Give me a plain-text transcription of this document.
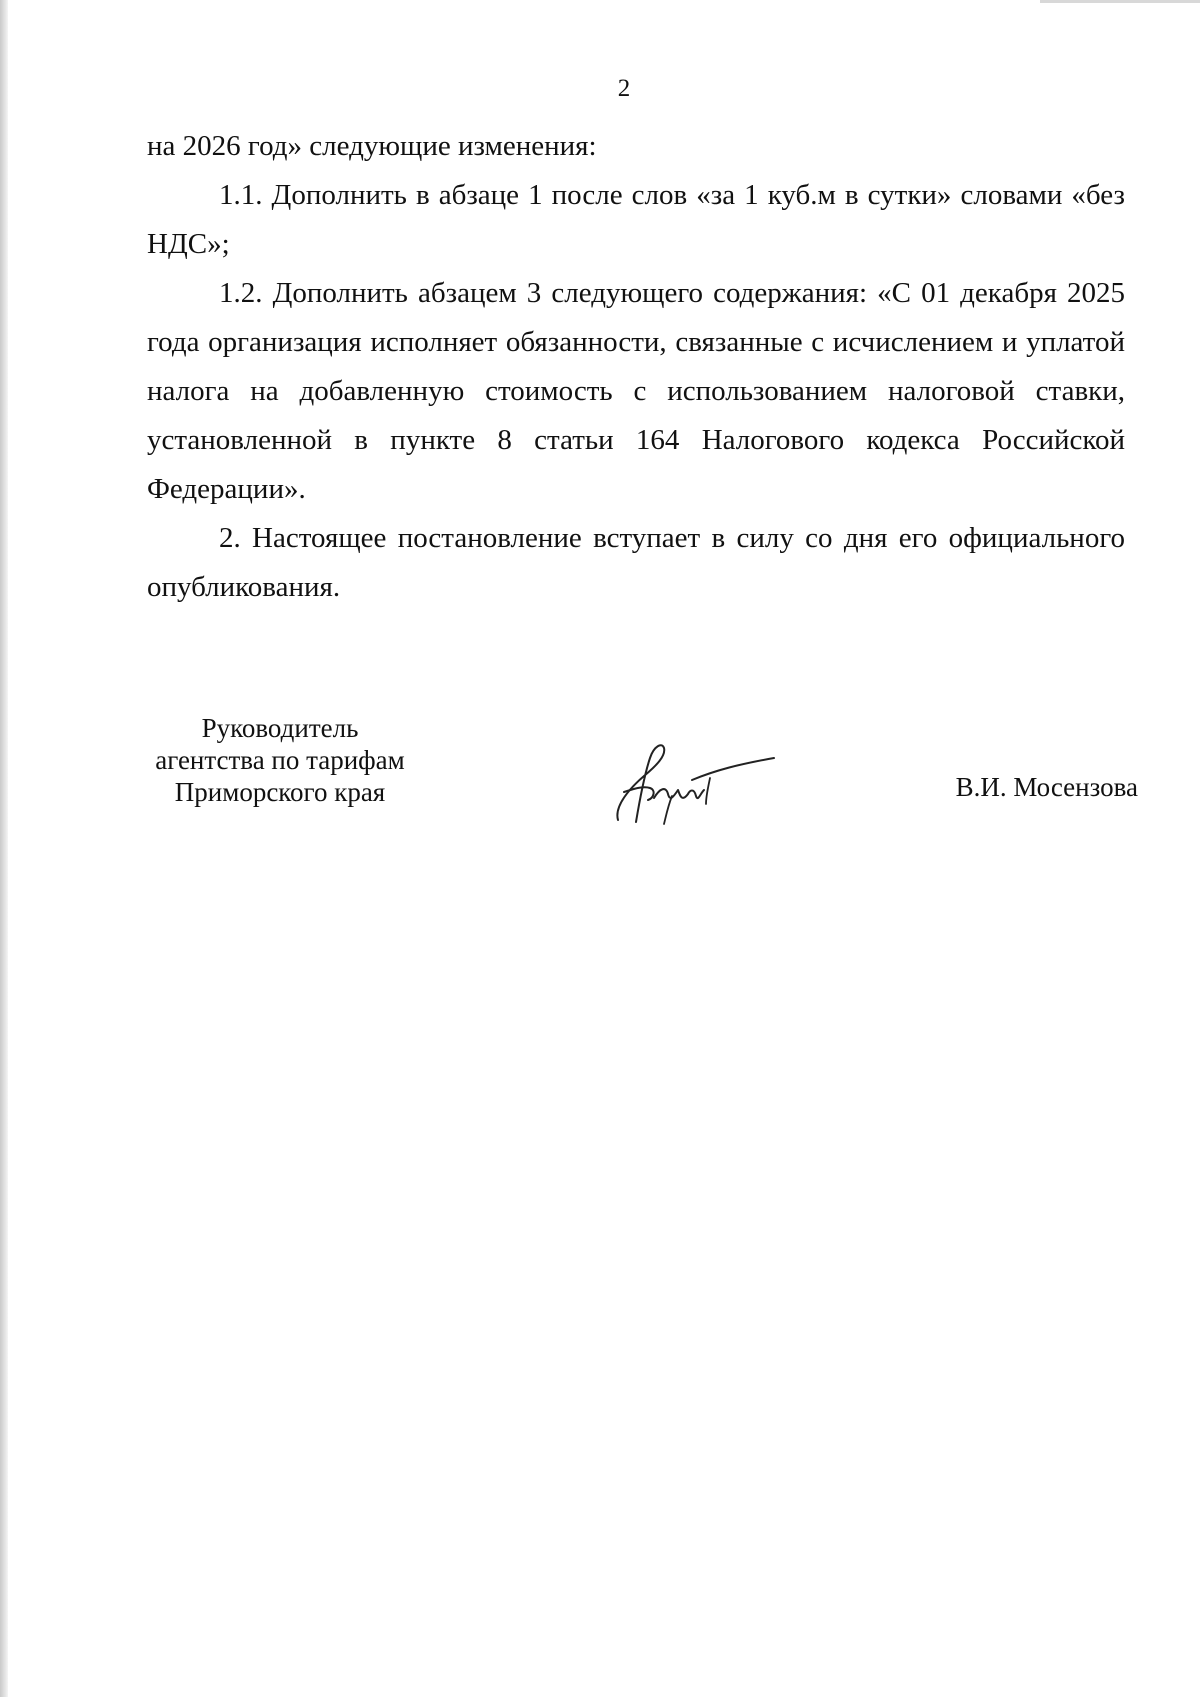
2

на 2026 год» следующие изменения:

1.1. Дополнить в абзаце 1 после слов «за 1 куб.м в сутки» словами «без НДС»;

1.2. Дополнить абзацем 3 следующего содержания: «С 01 декабря 2025 года организация исполняет обязанности, связанные с исчислением и уплатой налога на добавленную стоимость с использованием налоговой ставки, установленной в пункте 8 статьи 164 Налогового кодекса Российской Федерации».

2. Настоящее постановление вступает в силу со дня его официального опубликования.

Руководитель
агентства по тарифам
Приморского края	В.И. Мосензова
